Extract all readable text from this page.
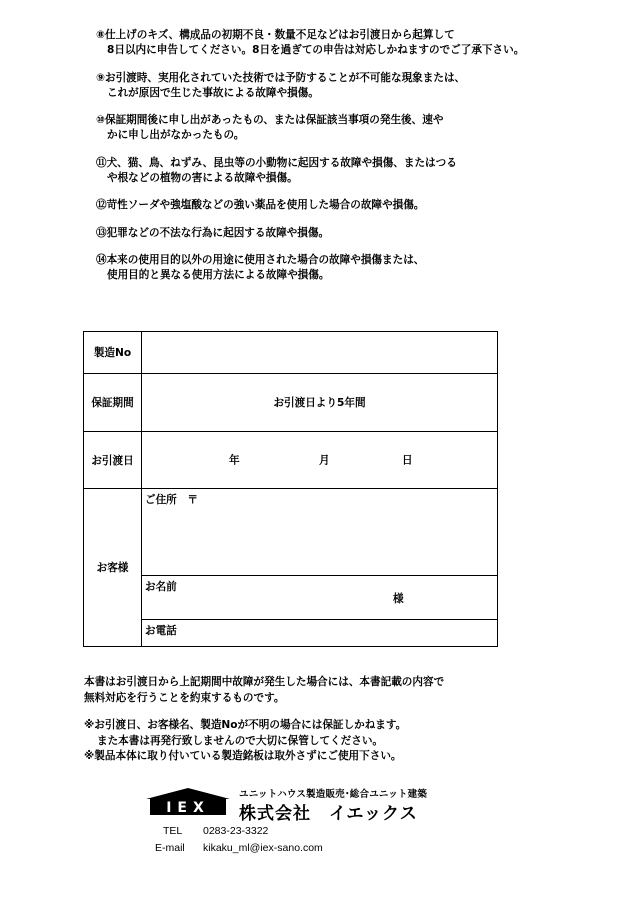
⑧仕上げのキズ、構成品の初期不良・数量不足などはお引渡日から起算して
8日以内に申告してください。8日を過ぎての申告は対応しかねますのでご了承下さい。
⑨お引渡時、実用化されていた技術では予防することが不可能な現象または、
これが原因で生じた事故による故障や損傷。
⑩保証期間後に申し出があったもの、または保証該当事項の発生後、速や
かに申し出がなかったもの。
⑪犬、猫、鳥、ねずみ、昆虫等の小動物に起因する故障や損傷、またはつる
や根などの植物の害による故障や損傷。
⑫苛性ソーダや強塩酸などの強い薬品を使用した場合の故障や損傷。
⑬犯罪などの不法な行為に起因する故障や損傷。
⑭本来の使用目的以外の用途に使用された場合の故障や損傷または、
使用目的と異なる使用方法による故障や損傷。
製造No	
保証期間	お引渡日より5年間
お引渡日	年 月 日

お客様	ご住所　〒

	お名前
様

	お電話
本書はお引渡日から上記期間中故障が発生した場合には、本書記載の内容で
無料対応を行うことを約束するものです。
※お引渡日、お客様名、製造Noが不明の場合には保証しかねます。
また本書は再発行致しませんので大切に保管してください。
※製品本体に取り付いている製造銘板は取外さずにご使用下さい。
IEX
ユニットハウス製造販売･総合ユニット建築
株式会社　イエックス
TEL 0283-23-3322
E-mail kikaku_ml@iex-sano.com
